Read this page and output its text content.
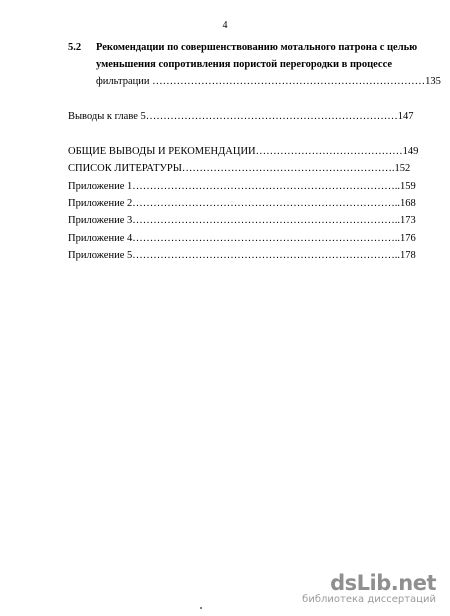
4
5.2 Рекомендации по совершенствованию мотального патрона с целью
уменьшения сопротивления пористой перегородки в процессе
фильтрации ……………………………………………………………………135
Выводы к главе 5………………………………………………………………147
ОБЩИЕ ВЫВОДЫ И РЕКОМЕНДАЦИИ……………………………………149
СПИСОК ЛИТЕРАТУРЫ…………………………………………………….152
Приложение 1…………………………………………………………………..159
Приложение 2…………………………………………………………………..168
Приложение 3…………………………………………………………………..173
Приложение 4…………………………………………………………………..176
Приложение 5…………………………………………………………………..178
dsLib.net
библиотека диссертаций
